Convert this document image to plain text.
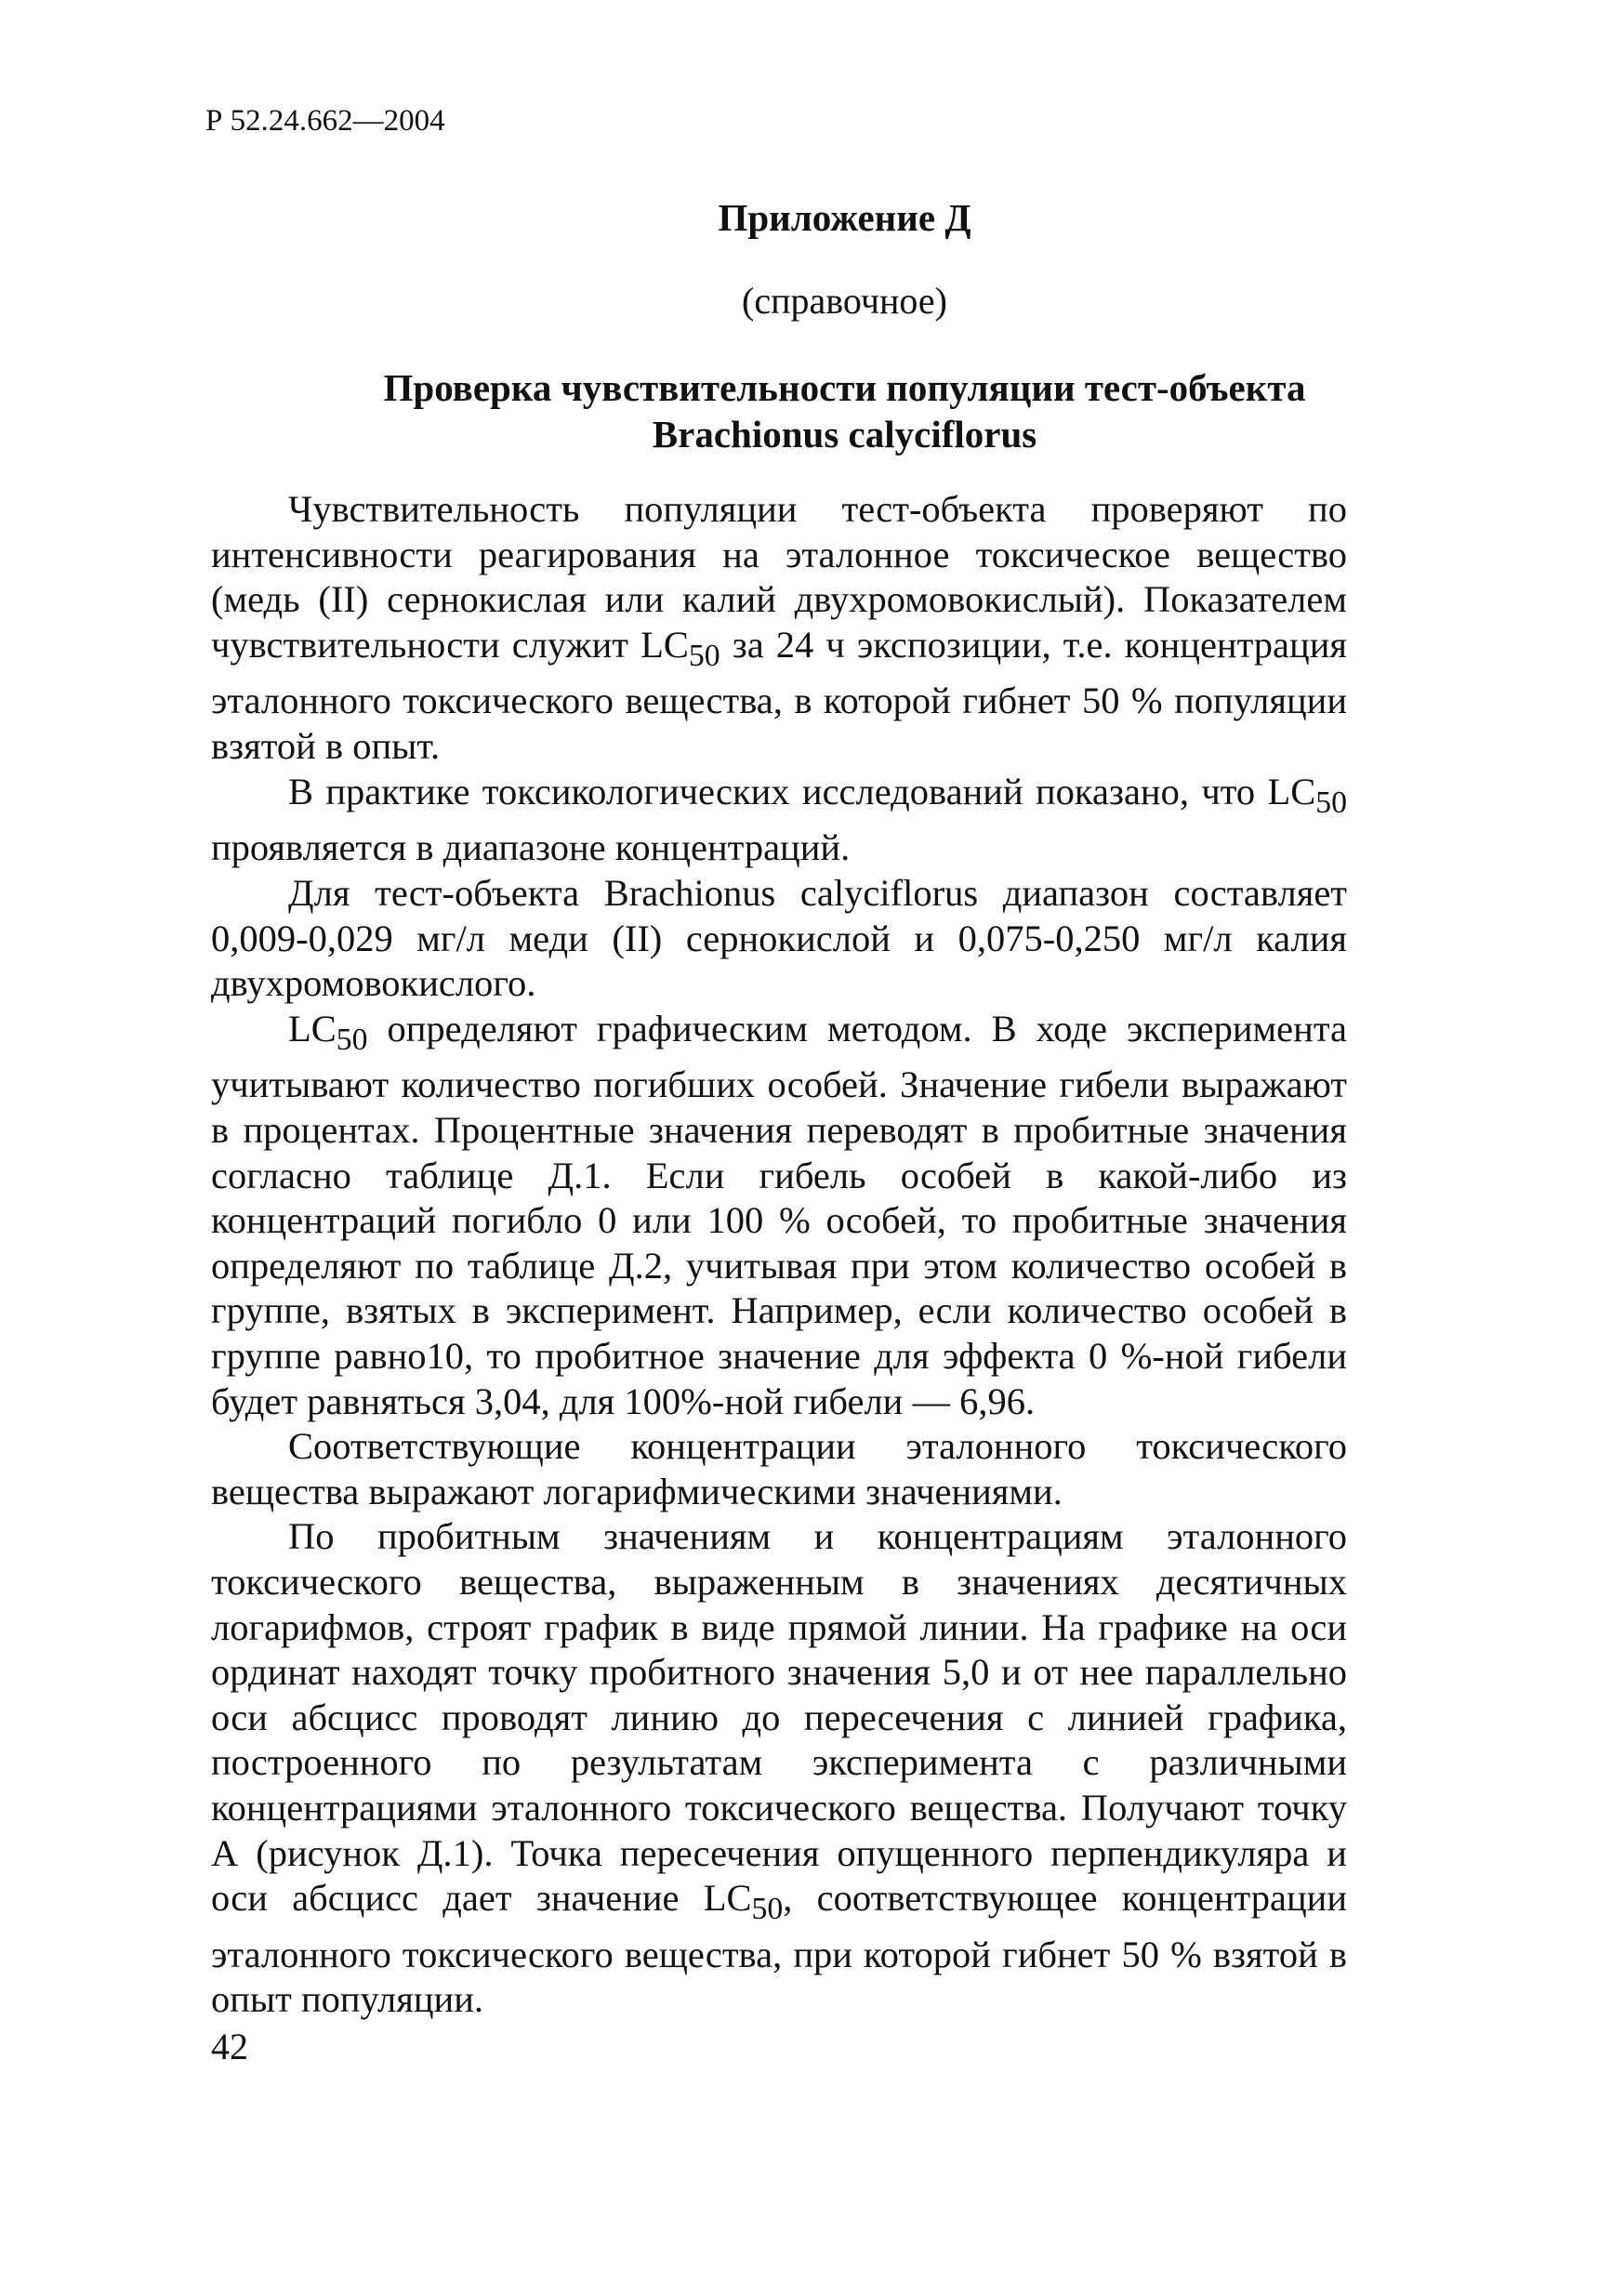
Р 52.24.662—2004
Приложение Д
(справочное)
Проверка чувствительности популяции тест-объекта
Brachionus calyciflorus

Чувствительность популяции тест-объекта проверяют по интенсивности реагирования на эталонное токсическое вещество (медь (II) сернокислая или калий двухромовокислый). Показателем чувствительности служит $LC_{50}$ за 24 ч экспозиции, т.е. концентрация эталонного токсического вещества, в которой гибнет 50 % популяции взятой в опыт.

В практике токсикологических исследований показано, что $LC_{50}$ проявляется в диапазоне концентраций.

Для тест-объекта Brachionus calyciflorus диапазон составляет 0,009-0,029 мг/л меди (II) сернокислой и 0,075-0,250 мг/л калия двухромовокислого.

$LC_{50}$ определяют графическим методом. В ходе эксперимента учитывают количество погибших особей. Значение гибели выражают в процентах. Процентные значения переводят в пробитные значения согласно таблице Д.1. Если гибель особей в какой-либо из концентраций погибло 0 или 100 % особей, то пробитные значения определяют по таблице Д.2, учитывая при этом количество особей в группе, взятых в эксперимент. Например, если количество особей в группе равно10, то пробитное значение для эффекта 0 %-ной гибели будет равняться 3,04, для 100%-ной гибели — 6,96.

Соответствующие концентрации эталонного токсического вещества выражают логарифмическими значениями.

По пробитным значениям и концентрациям эталонного токсического вещества, выраженным в значениях десятичных логарифмов, строят график в виде прямой линии. На графике на оси ординат находят точку пробитного значения 5,0 и от нее параллельно оси абсцисс проводят линию до пересечения с линией графика, построенного по результатам эксперимента с различными концентрациями эталонного токсического вещества. Получают точку А (рисунок Д.1). Точка пересечения опущенного перпендикуляра и оси абсцисс дает значение $LC_{50}$, соответствующее концентрации эталонного токсического вещества, при которой гибнет 50 % взятой в опыт популяции.

42
